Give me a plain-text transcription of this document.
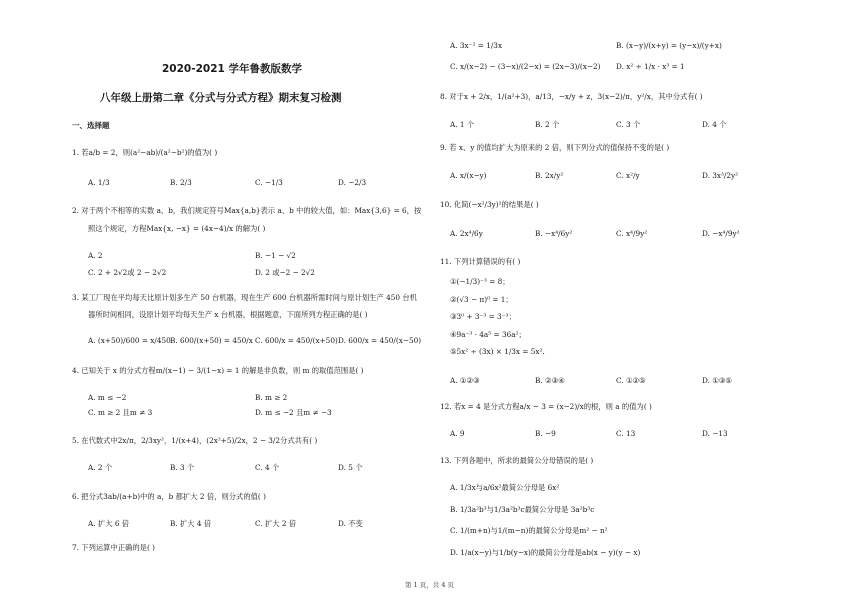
2020-2021 学年鲁教版数学
八年级上册第二章《分式与分式方程》期末复习检测
一、选择题
1. 若a/b = 2，则(a²−ab)/(a²−b²)的值为( )
A. 1/3	B. 2/3	C. −1/3	D. −2/3
2. 对于两个不相等的实数 a、b，我们规定符号Max{a,b}表示 a、b 中的较大值，如：Max{3,6} = 6，按
照这个规定，方程Max{x, −x} = (4x−4)/x 的解为( )
A. 2	B. −1 − √2
C. 2 + 2√2或 2 − 2√2	D. 2 或−2 − 2√2
3. 某工厂现在平均每天比原计划多生产 50 台机器，现在生产 600 台机器所需时间与原计划生产 450 台机
器所时间相同，设原计划平均每天生产 x 台机器，根据题意，下面所列方程正确的是( )
A. (x+50)/600 = x/450 B. 600/(x+50) = 450/x C. 600/x = 450/(x+50) D. 600/x = 450/(x−50)
4. 已知关于 x 的分式方程m/(x−1) − 3/(1−x) = 1 的解是非负数，则 m 的取值范围是( )
A. m ≤ −2	B. m ≥ 2
C. m ≥ 2 且m ≠ 3	D. m ≤ −2 且m ≠ −3
5. 在代数式中2x/π，2/3xy²，1/(x+4)，(2x²+5)/2x，2 − 3/2分式共有( )
A. 2 个	B. 3 个	C. 4 个	D. 5 个
6. 把分式3ab/(a+b)中的 a，b 都扩大 2 倍，则分式的值( )
A. 扩大 6 倍	B. 扩大 4 倍	C. 扩大 2 倍	D. 不变
7. 下列运算中正确的是( )
A. 3x⁻² = 1/3x	B. (x−y)/(x+y) = (y−x)/(y+x)
C. x/(x−2) − (3−x)/(2−x) = (2x−3)/(x−2) D. x² ÷ 1/x · x³ = 1
8. 对于x + 2/x，1/(a²+3)，a/13，−x/y + z，3(x−2)/π，y²/x，其中分式有( )
A. 1 个	B. 2 个	C. 3 个	D. 4 个
9. 若 x、y 的值均扩大为原来的 2 倍，则下列分式的值保持不变的是( )
A. x/(x−y)	B. 2x/y²	C. x²/y	D. 3x³/2y²
10. 化简(−x²/3y)²的结果是( )
A. 2x⁴/6y	B. −x⁴/6y²	C. x⁴/9y²	D. −x⁴/9y²
11. 下列计算错误的有( )
①(−1/3)⁻³ = 8；
②(√3 − π)⁰ = 1；
③3⁰ + 3⁻³ = 3⁻³；
④9a⁻³ · 4a⁵ = 36a²；
⑤5x² ÷ (3x) × 1/3x = 5x².
A. ①②③	B. ②③④	C. ①②⑤	D. ①③⑤
12. 若x = 4 是分式方程a/x − 3 = (x−2)/x的根，则 a 的值为( )
A. 9	B. −9	C. 13	D. −13
13. 下列各题中，所求的最简公分母错误的是( )
A. 1/3x与a/6x²最简公分母是 6x²
B. 1/3a²b³与1/3a²b³c最简公分母是 3a²b³c
C. 1/(m+n)与1/(m−n)的最简公分母是m² − n²
D. 1/a(x−y)与1/b(y−x)的最简公分母是ab(x − y)(y − x)
第 1 页，共 4 页
